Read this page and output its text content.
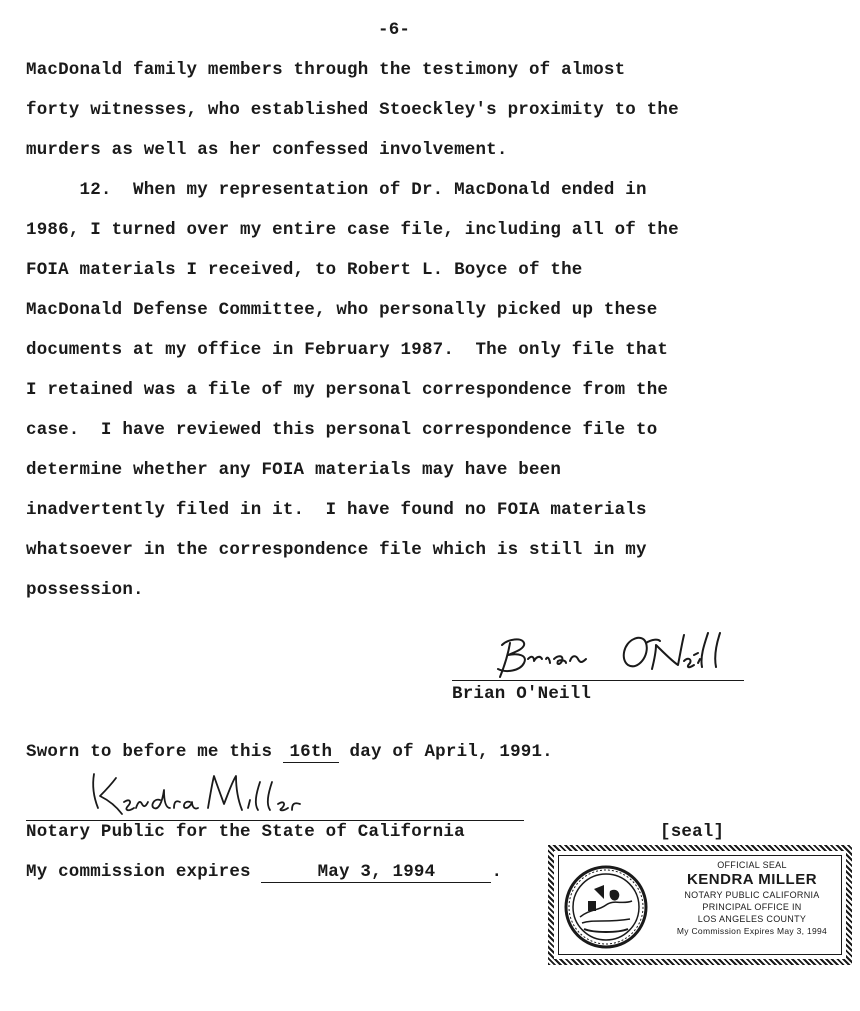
-6-
MacDonald family members through the testimony of almost
forty witnesses, who established Stoeckley's proximity to the
murders as well as her confessed involvement.
12.  When my representation of Dr. MacDonald ended in
1986, I turned over my entire case file, including all of the
FOIA materials I received, to Robert L. Boyce of the
MacDonald Defense Committee, who personally picked up these
documents at my office in February 1987.  The only file that
I retained was a file of my personal correspondence from the
case.  I have reviewed this personal correspondence file to
determine whether any FOIA materials may have been
inadvertently filed in it.  I have found no FOIA materials
whatsoever in the correspondence file which is still in my
possession.
Brian O'Neill
Sworn to before me this 16th day of April, 1991.
Notary Public for the State of California	[seal]
My commission expires	May 3, 1994	.	OFFICIAL SEAL
KENDRA MILLER
NOTARY PUBLIC CALIFORNIA
PRINCIPAL OFFICE IN
LOS ANGELES COUNTY
My Commission Expires May 3, 1994
